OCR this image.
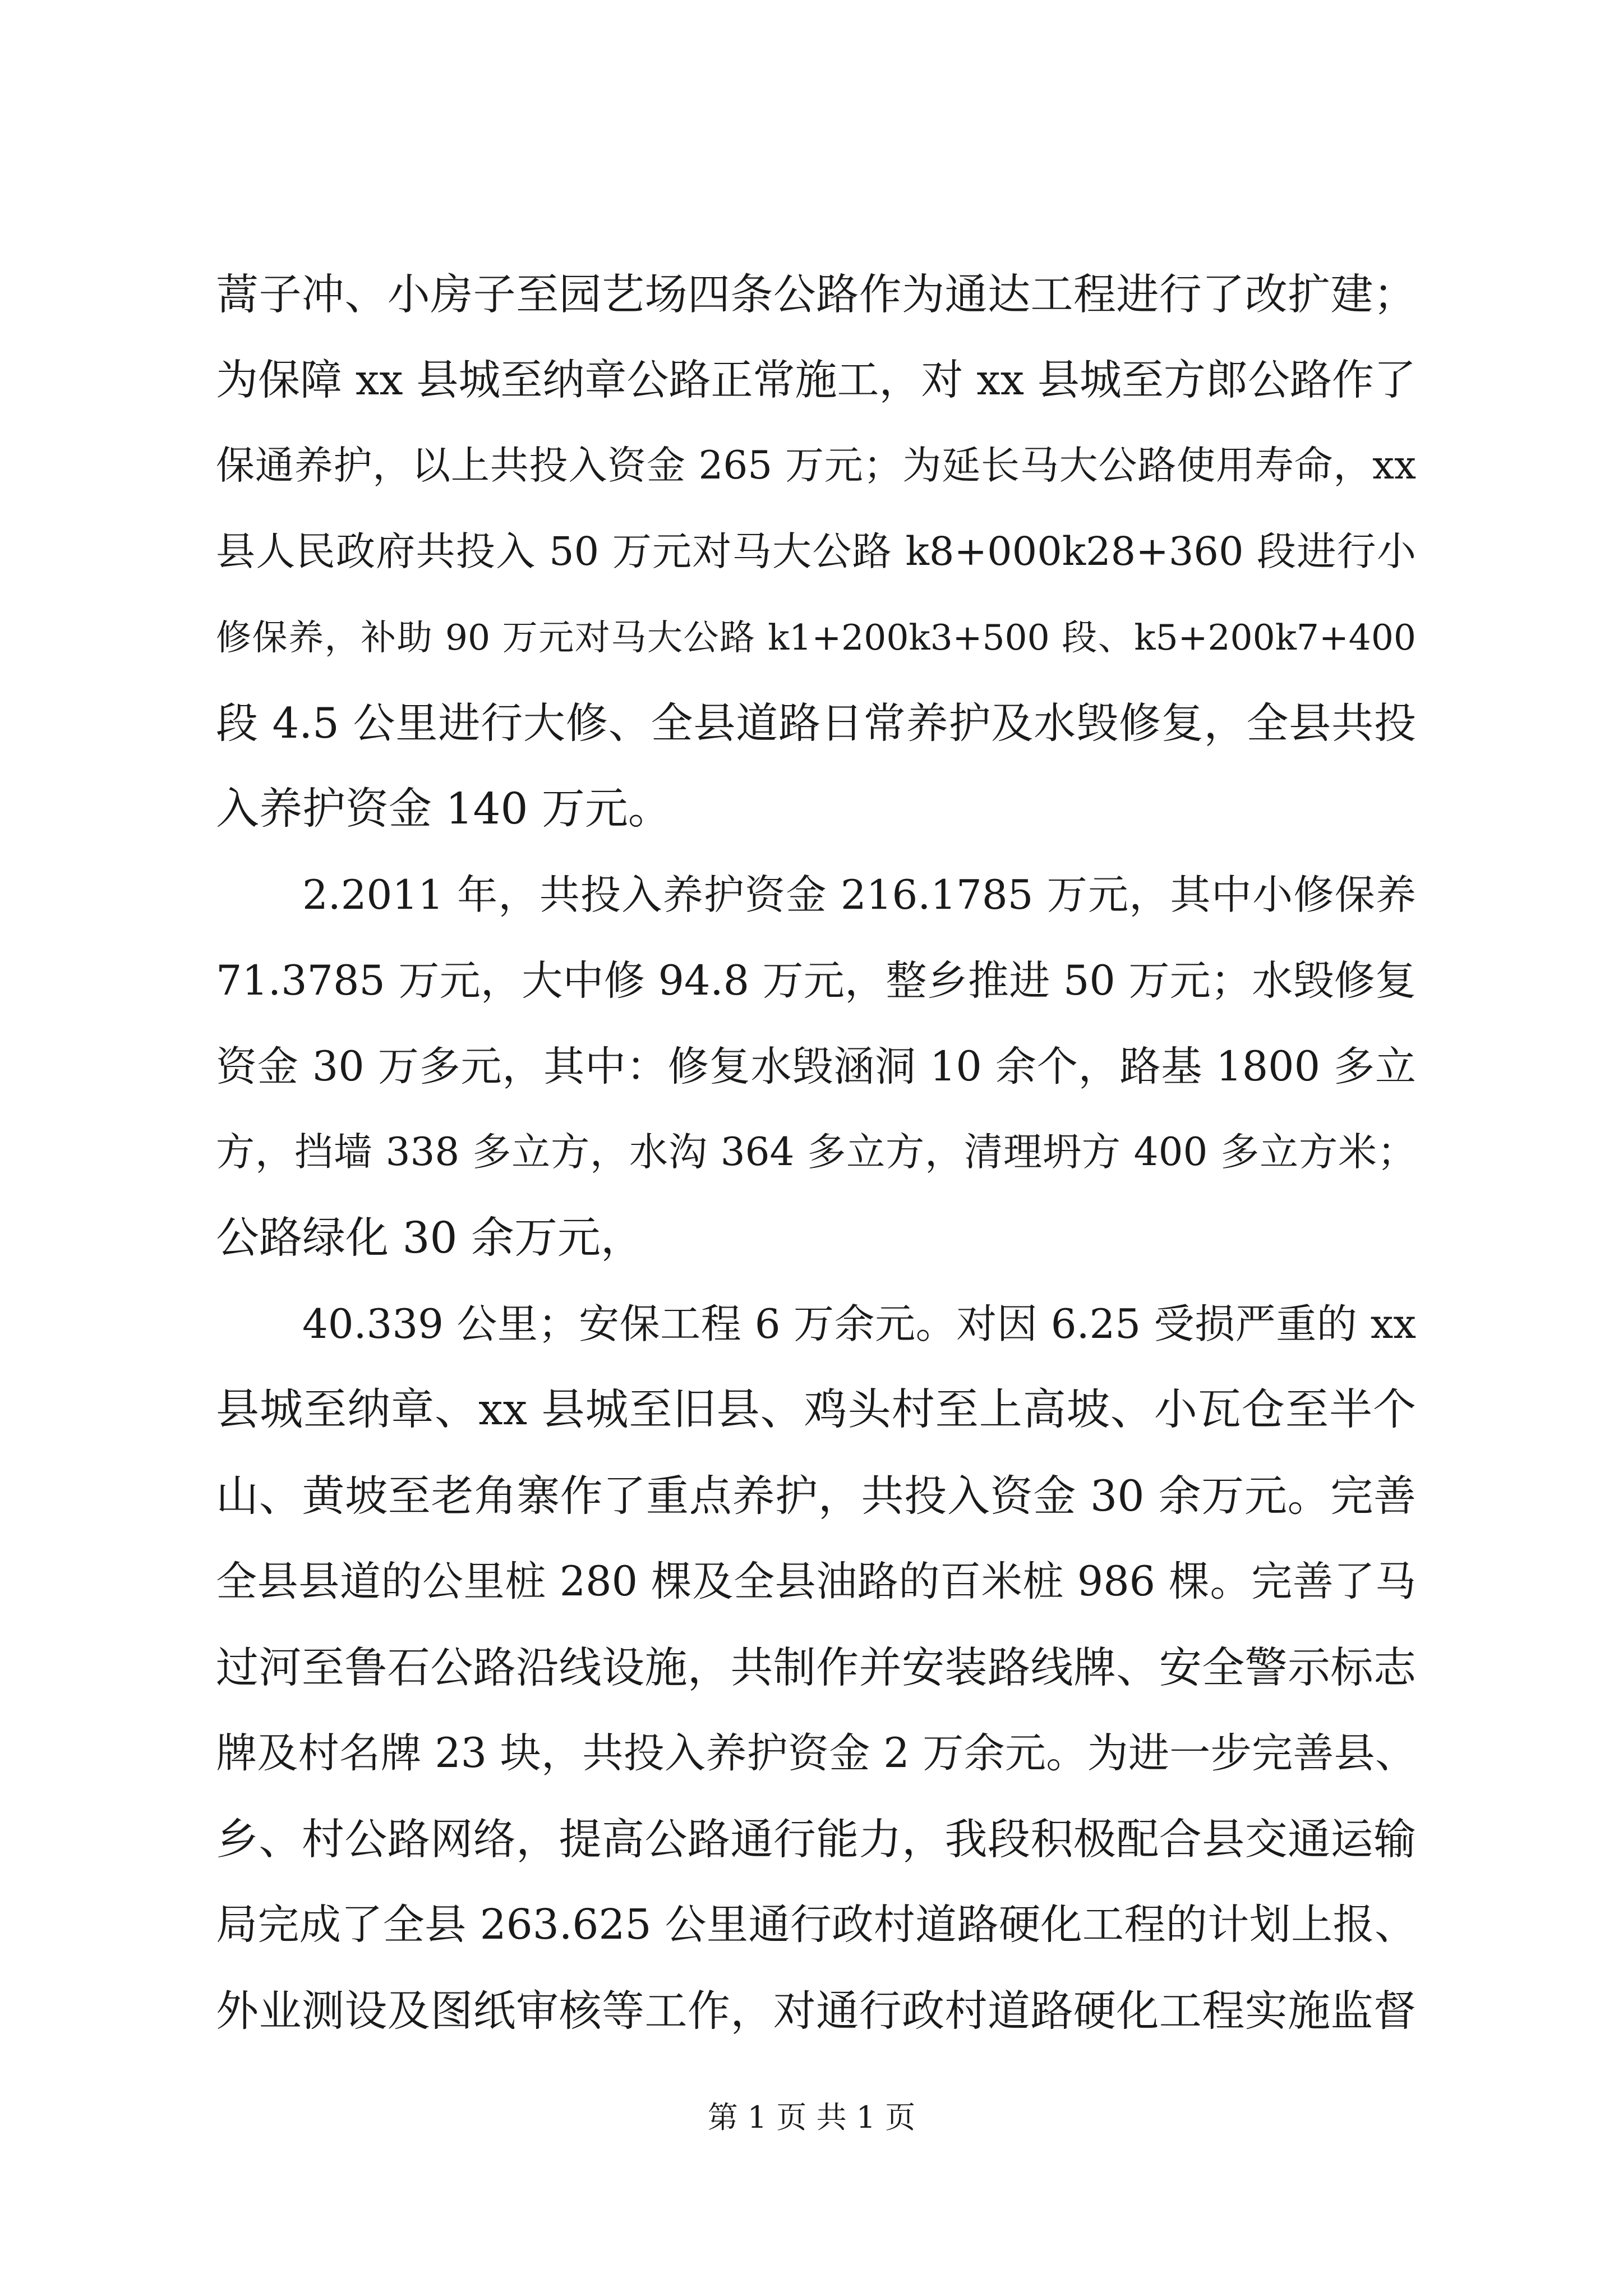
蒿子冲、小房子至园艺场四条公路作为通达工程进行了改扩建；
为保障 xx 县城至纳章公路正常施工，对 xx 县城至方郎公路作了
保通养护，以上共投入资金 265 万元；为延长马大公路使用寿命，xx
县人民政府共投入 50 万元对马大公路 k8+000k28+360 段进行小
修保养，补助 90 万元对马大公路 k1+200k3+500 段、k5+200k7+400
段 4.5 公里进行大修、全县道路日常养护及水毁修复，全县共投
入养护资金 140 万元。
2.2011 年，共投入养护资金 216.1785 万元，其中小修保养
71.3785 万元，大中修 94.8 万元，整乡推进 50 万元；水毁修复
资金 30 万多元，其中：修复水毁涵洞 10 余个，路基 1800 多立
方，挡墙 338 多立方，水沟 364 多立方，清理坍方 400 多立方米；
公路绿化 30 余万元，
40.339 公里；安保工程 6 万余元。对因 6.25 受损严重的 xx
县城至纳章、xx 县城至旧县、鸡头村至上高坡、小瓦仓至半个
山、黄坡至老角寨作了重点养护，共投入资金 30 余万元。完善
全县县道的公里桩 280 棵及全县油路的百米桩 986 棵。完善了马
过河至鲁石公路沿线设施，共制作并安装路线牌、安全警示标志
牌及村名牌 23 块，共投入养护资金 2 万余元。为进一步完善县、
乡、村公路网络，提高公路通行能力，我段积极配合县交通运输
局完成了全县 263.625 公里通行政村道路硬化工程的计划上报、
外业测设及图纸审核等工作，对通行政村道路硬化工程实施监督
第 1 页 共 1 页
